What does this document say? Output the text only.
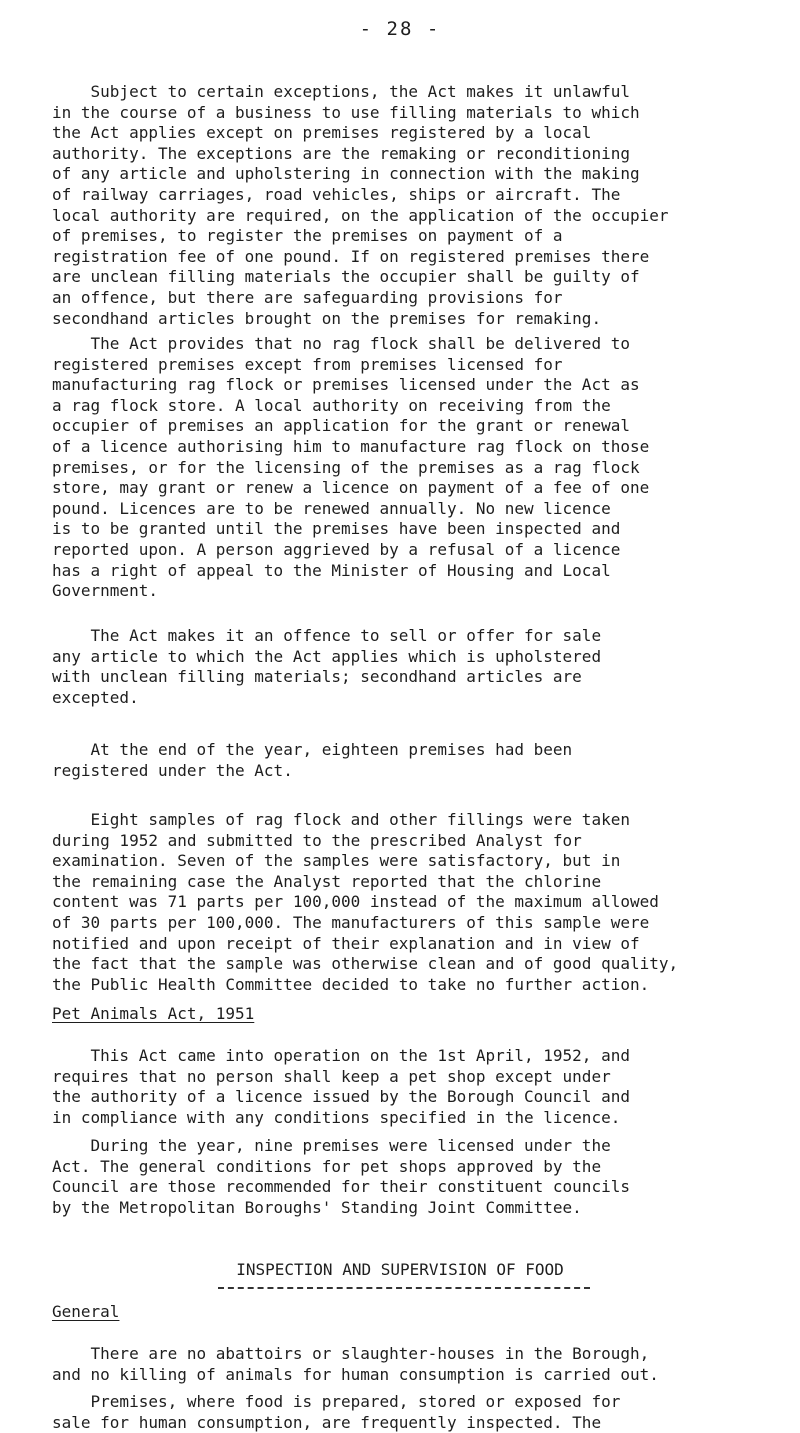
- 28 -

Subject to certain exceptions, the Act makes it unlawful
in the course of a business to use filling materials to which
the Act applies except on premises registered by a local
authority. The exceptions are the remaking or reconditioning
of any article and upholstering in connection with the making
of railway carriages, road vehicles, ships or aircraft. The
local authority are required, on the application of the occupier
of premises, to register the premises on payment of a
registration fee of one pound. If on registered premises there
are unclean filling materials the occupier shall be guilty of
an offence, but there are safeguarding provisions for
secondhand articles brought on the premises for remaking.

The Act provides that no rag flock shall be delivered to
registered premises except from premises licensed for
manufacturing rag flock or premises licensed under the Act as
a rag flock store. A local authority on receiving from the
occupier of premises an application for the grant or renewal
of a licence authorising him to manufacture rag flock on those
premises, or for the licensing of the premises as a rag flock
store, may grant or renew a licence on payment of a fee of one
pound. Licences are to be renewed annually. No new licence
is to be granted until the premises have been inspected and
reported upon. A person aggrieved by a refusal of a licence
has a right of appeal to the Minister of Housing and Local
Government.

The Act makes it an offence to sell or offer for sale
any article to which the Act applies which is upholstered
with unclean filling materials; secondhand articles are
excepted.

At the end of the year, eighteen premises had been
registered under the Act.

Eight samples of rag flock and other fillings were taken
during 1952 and submitted to the prescribed Analyst for
examination. Seven of the samples were satisfactory, but in
the remaining case the Analyst reported that the chlorine
content was 71 parts per 100,000 instead of the maximum allowed
of 30 parts per 100,000. The manufacturers of this sample were
notified and upon receipt of their explanation and in view of
the fact that the sample was otherwise clean and of good quality,
the Public Health Committee decided to take no further action.

Pet Animals Act, 1951

This Act came into operation on the 1st April, 1952, and
requires that no person shall keep a pet shop except under
the authority of a licence issued by the Borough Council and
in compliance with any conditions specified in the licence.

During the year, nine premises were licensed under the
Act. The general conditions for pet shops approved by the
Council are those recommended for their constituent councils
by the Metropolitan Boroughs' Standing Joint Committee.

INSPECTION AND SUPERVISION OF FOOD
General

There are no abattoirs or slaughter-houses in the Borough,
and no killing of animals for human consumption is carried out.

Premises, where food is prepared, stored or exposed for
sale for human consumption, are frequently inspected. The
